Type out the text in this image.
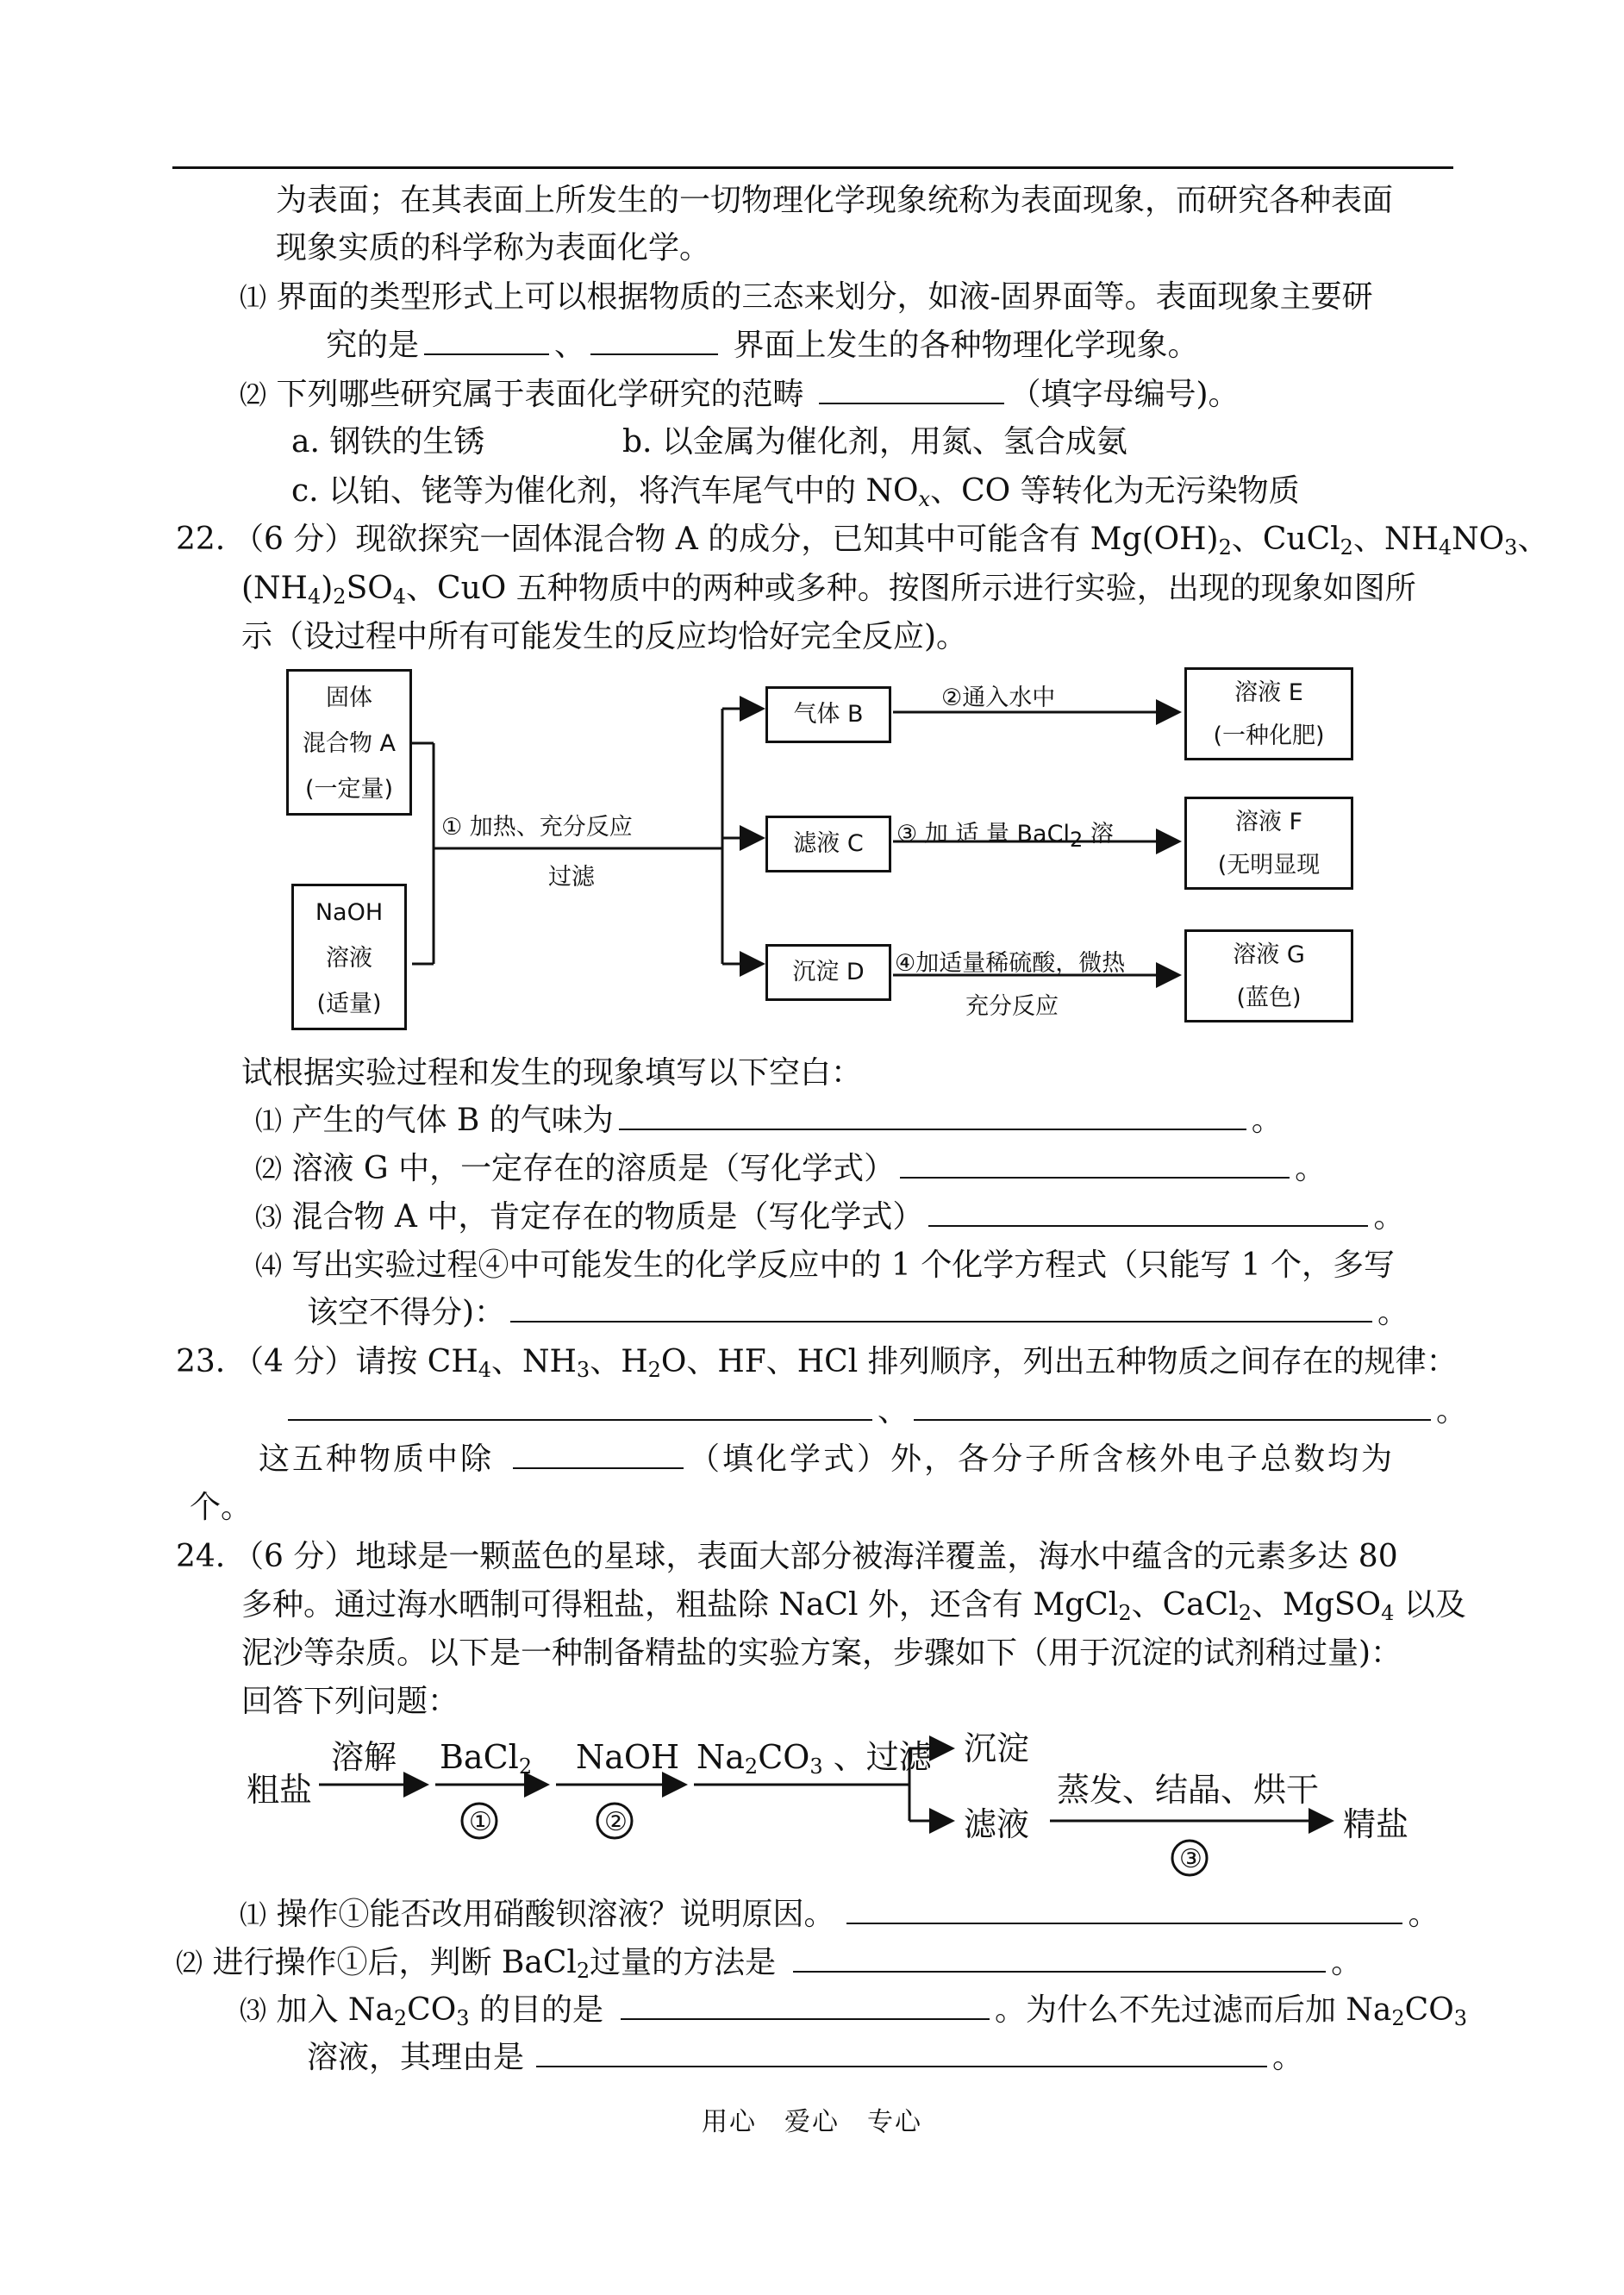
为表面；在其表面上所发生的一切物理化学现象统称为表面现象，而研究各种表面
现象实质的科学称为表面化学。
⑴ 界面的类型形式上可以根据物质的三态来划分，如液-固界面等。表面现象主要研
究的是	、	界面上发生的各种物理化学现象。
⑵ 下列哪些研究属于表面化学研究的范畴	（填字母编号)。
a. 钢铁的生锈	b. 以金属为催化剂，用氮、氢合成氨
c. 以铂、铑等为催化剂，将汽车尾气中的 $NO_x$、CO 等转化为无污染物质
22. （6 分）现欲探究一固体混合物 A 的成分，已知其中可能含有 $Mg(OH)_2$、CuCl$_2$、$NH_4NO_3$、
$(NH_4)_2SO_4$、CuO 五种物质中的两种或多种。按图所示进行实验，出现的现象如图所
示（设过程中所有可能发生的反应均恰好完全反应)。
固体
混合物 A
(一定量)
NaOH
溶液
(适量)
① 加热、充分反应
过滤
气体 B
滤液 C
沉淀 D
②通入水中
③ 加 适 量 BaCl$_2$ 溶
④加适量稀硫酸，微热
充分反应
溶液 E
(一种化肥)
溶液 F
(无明显现
溶液 G
(蓝色)
试根据实验过程和发生的现象填写以下空白：
⑴ 产生的气体 B 的气味为	。
⑵ 溶液 G 中，一定存在的溶质是（写化学式）	。
⑶ 混合物 A 中，肯定存在的物质是（写化学式）	。
⑷ 写出实验过程④中可能发生的化学反应中的 1 个化学方程式（只能写 1 个，多写
该空不得分)：	。
23. （4 分）请按 $CH_4$、$NH_3$、$H_2O$、HF、HCl 排列顺序，列出五种物质之间存在的规律：
、	。
这五种物质中除	（填化学式）外，各分子所含核外电子总数均为
个。
24. （6 分）地球是一颗蓝色的星球，表面大部分被海洋覆盖，海水中蕴含的元素多达 80
多种。通过海水晒制可得粗盐，粗盐除 NaCl 外，还含有 MgCl$_2$、CaCl$_2$、MgSO$_4$ 以及
泥沙等杂质。以下是一种制备精盐的实验方案，步骤如下（用于沉淀的试剂稍过量)：
回答下列问题：
粗盐
溶解 BaCl$_2$ NaOH $Na_2CO_3$ 、过滤
①	②
③
沉淀
滤液
蒸发、结晶、烘干
精盐
⑴ 操作①能否改用硝酸钡溶液？说明原因。	。
⑵ 进行操作①后，判断 BaCl$_2$过量的方法是	。
⑶ 加入 $Na_2CO_3$ 的目的是	。为什么不先过滤而后加 $Na_2CO_3$
溶液，其理由是	。
用心　爱心　专心
